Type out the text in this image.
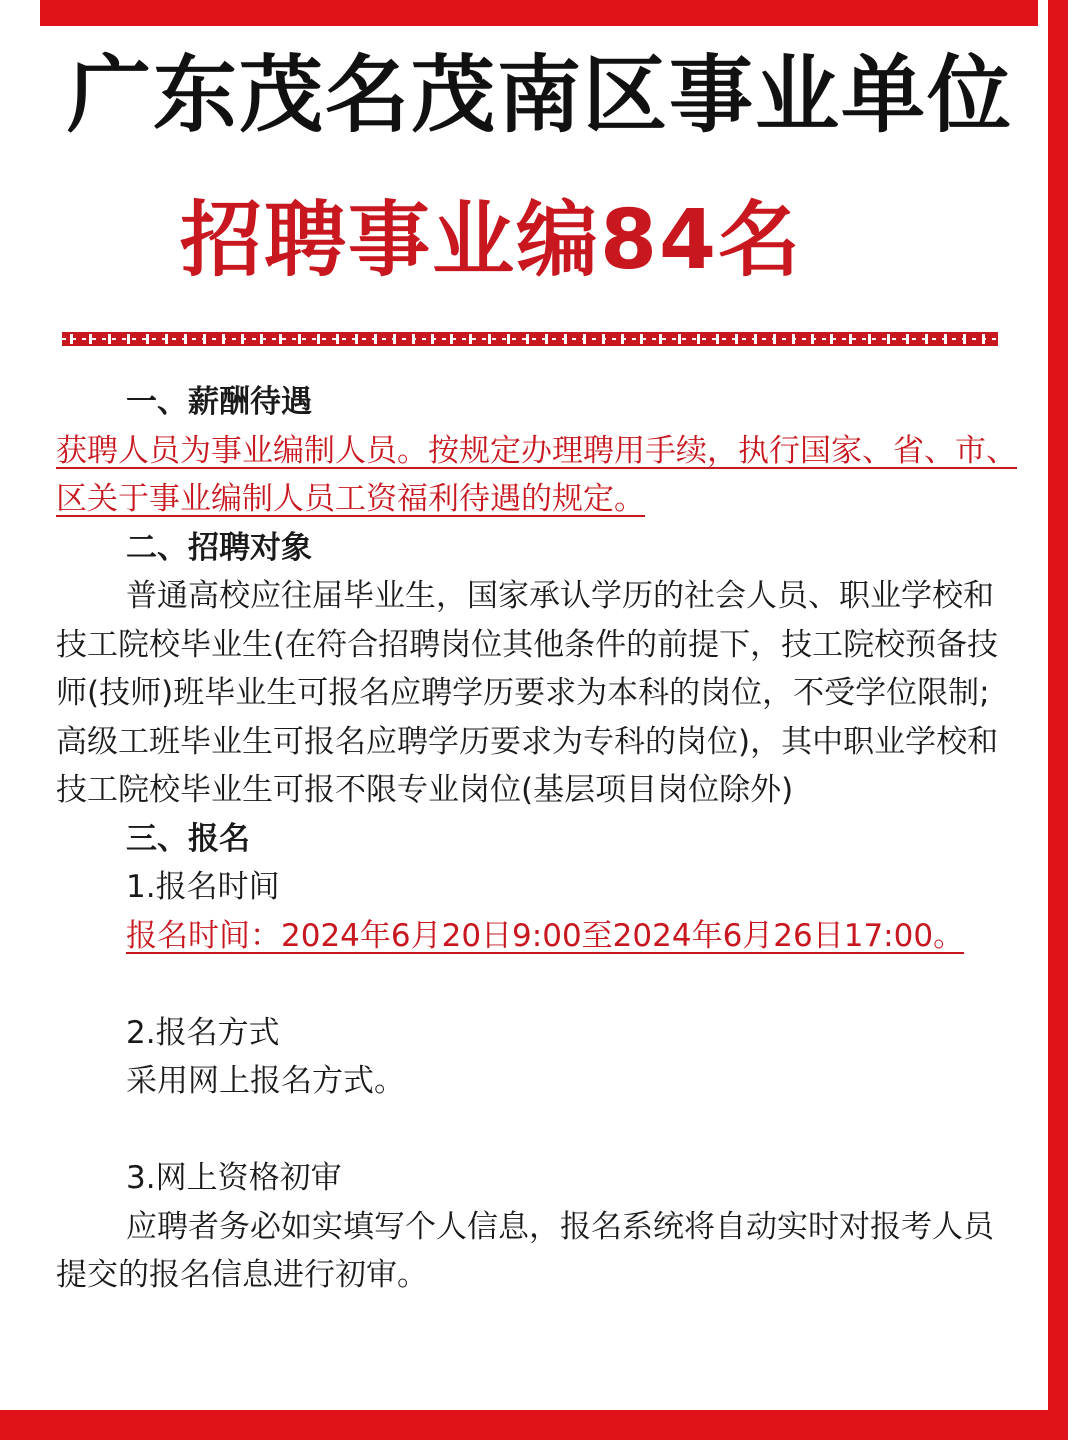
广东茂名茂南区事业单位
招聘事业编84名
一、薪酬待遇
获聘人员为事业编制人员。按规定办理聘用手续，执行国家、省、市、区关于事业编制人员工资福利待遇的规定。
二、招聘对象
普通高校应往届毕业生，国家承认学历的社会人员、职业学校和技工院校毕业生(在符合招聘岗位其他条件的前提下，技工院校预备技师(技师)班毕业生可报名应聘学历要求为本科的岗位，不受学位限制;高级工班毕业生可报名应聘学历要求为专科的岗位)，其中职业学校和技工院校毕业生可报不限专业岗位(基层项目岗位除外)
三、报名
1.报名时间
报名时间：2024年6月20日9:00至2024年6月26日17:00。
2.报名方式
采用网上报名方式。
3.网上资格初审
应聘者务必如实填写个人信息，报名系统将自动实时对报考人员提交的报名信息进行初审。
